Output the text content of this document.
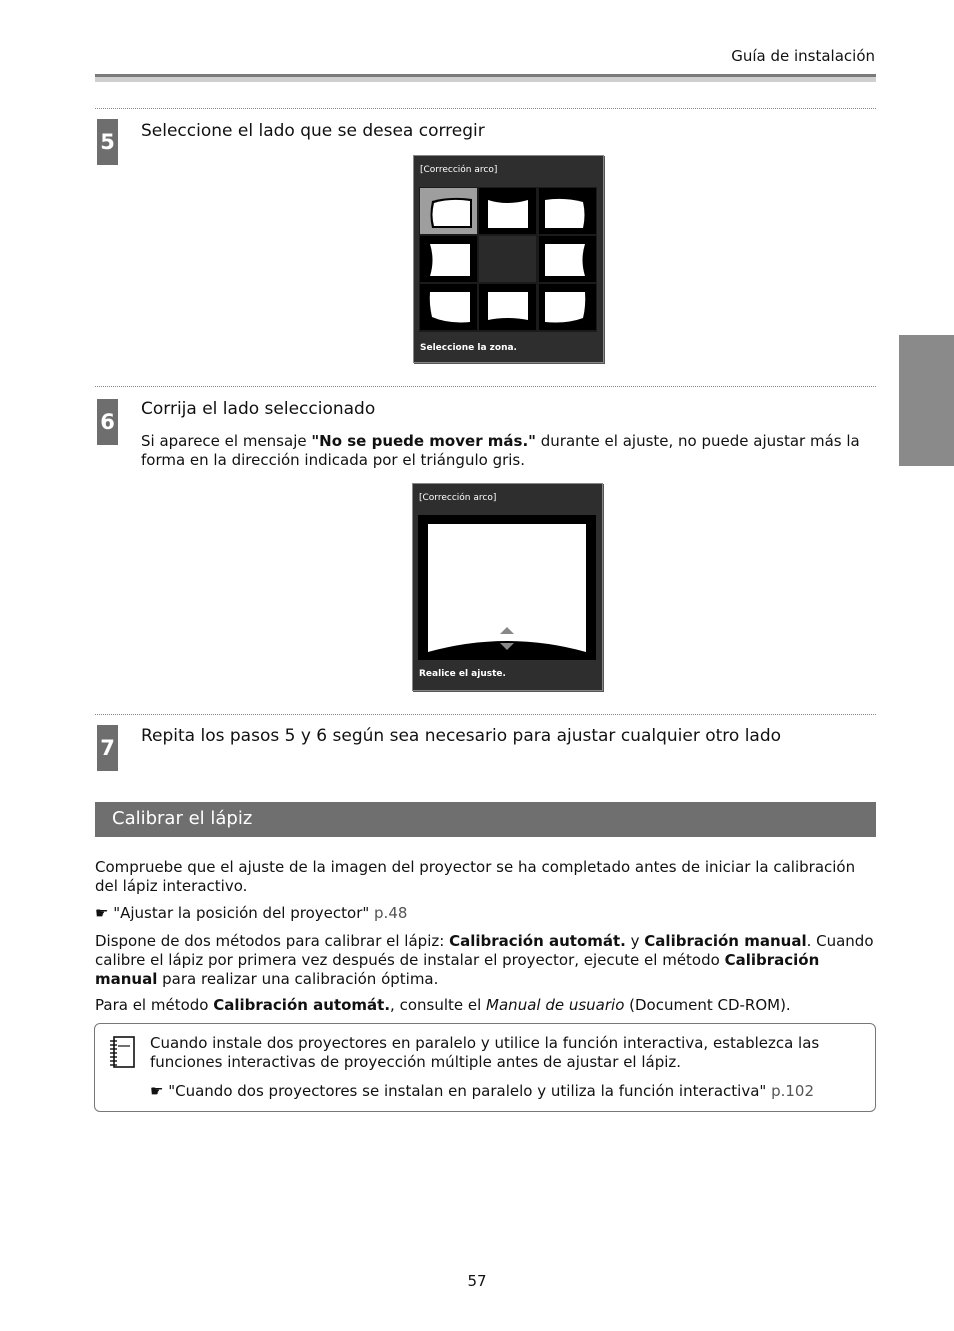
Guía de instalación
5 Seleccione el lado que se desea corregir
[Corrección arco]
Seleccione la zona.
6
Corrija el lado seleccionado
Si aparece el mensaje "No se puede mover más." durante el ajuste, no puede ajustar más la forma en la dirección indicada por el triángulo gris.
[Corrección arco]
Realice el ajuste.
7 Repita los pasos 5 y 6 según sea necesario para ajustar cualquier otro lado
Calibrar el lápiz
Compruebe que el ajuste de la imagen del proyector se ha completado antes de iniciar la calibración del lápiz interactivo.
☛ "Ajustar la posición del proyector" p.48
Dispone de dos métodos para calibrar el lápiz: Calibración automát. y Calibración manual. Cuando calibre el lápiz por primera vez después de instalar el proyector, ejecute el método Calibración manual para realizar una calibración óptima.
Para el método Calibración automát., consulte el Manual de usuario (Document CD-ROM).
Cuando instale dos proyectores en paralelo y utilice la función interactiva, establezca las funciones interactivas de proyección múltiple antes de ajustar el lápiz.
☛ "Cuando dos proyectores se instalan en paralelo y utiliza la función interactiva" p.102
57
